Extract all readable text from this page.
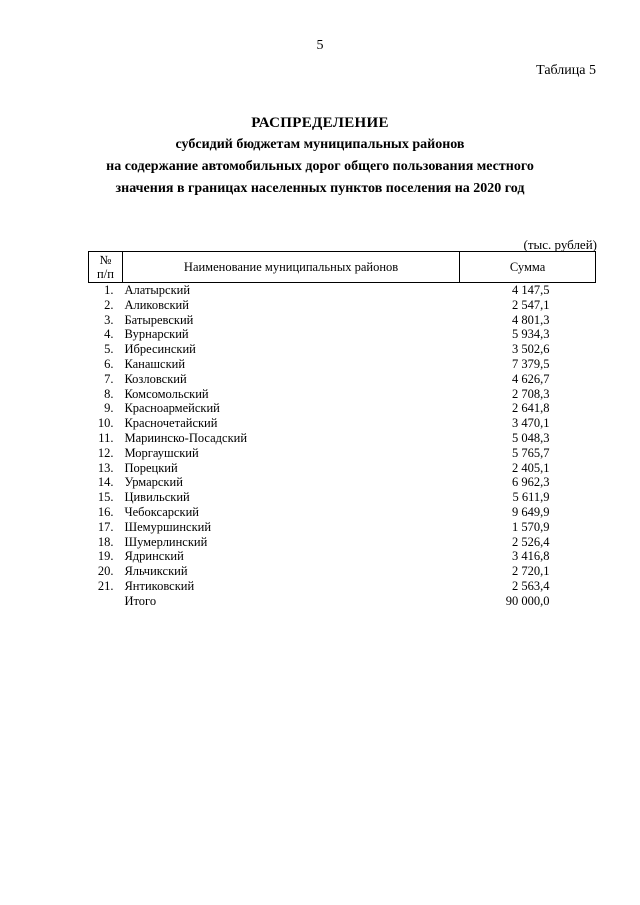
5
Таблица 5
РАСПРЕДЕЛЕНИЕ
субсидий бюджетам муниципальных районов
на содержание автомобильных дорог общего пользования местного
значения в границах населенных пунктов поселения на 2020 год
(тыс. рублей)
№
п/п	Наименование муниципальных районов	Сумма
1.	Алатырский	4 147,5
2.	Аликовский	2 547,1
3.	Батыревский	4 801,3
4.	Вурнарский	5 934,3
5.	Ибресинский	3 502,6
6.	Канашский	7 379,5
7.	Козловский	4 626,7
8.	Комсомольский	2 708,3
9.	Красноармейский	2 641,8
10.	Красночетайский	3 470,1
11.	Мариинско-Посадский	5 048,3
12.	Моргаушский	5 765,7
13.	Порецкий	2 405,1
14.	Урмарский	6 962,3
15.	Цивильский	5 611,9
16.	Чебоксарский	9 649,9
17.	Шемуршинский	1 570,9
18.	Шумерлинский	2 526,4
19.	Ядринский	3 416,8
20.	Яльчикский	2 720,1
21.	Янтиковский	2 563,4
	Итого	90 000,0
